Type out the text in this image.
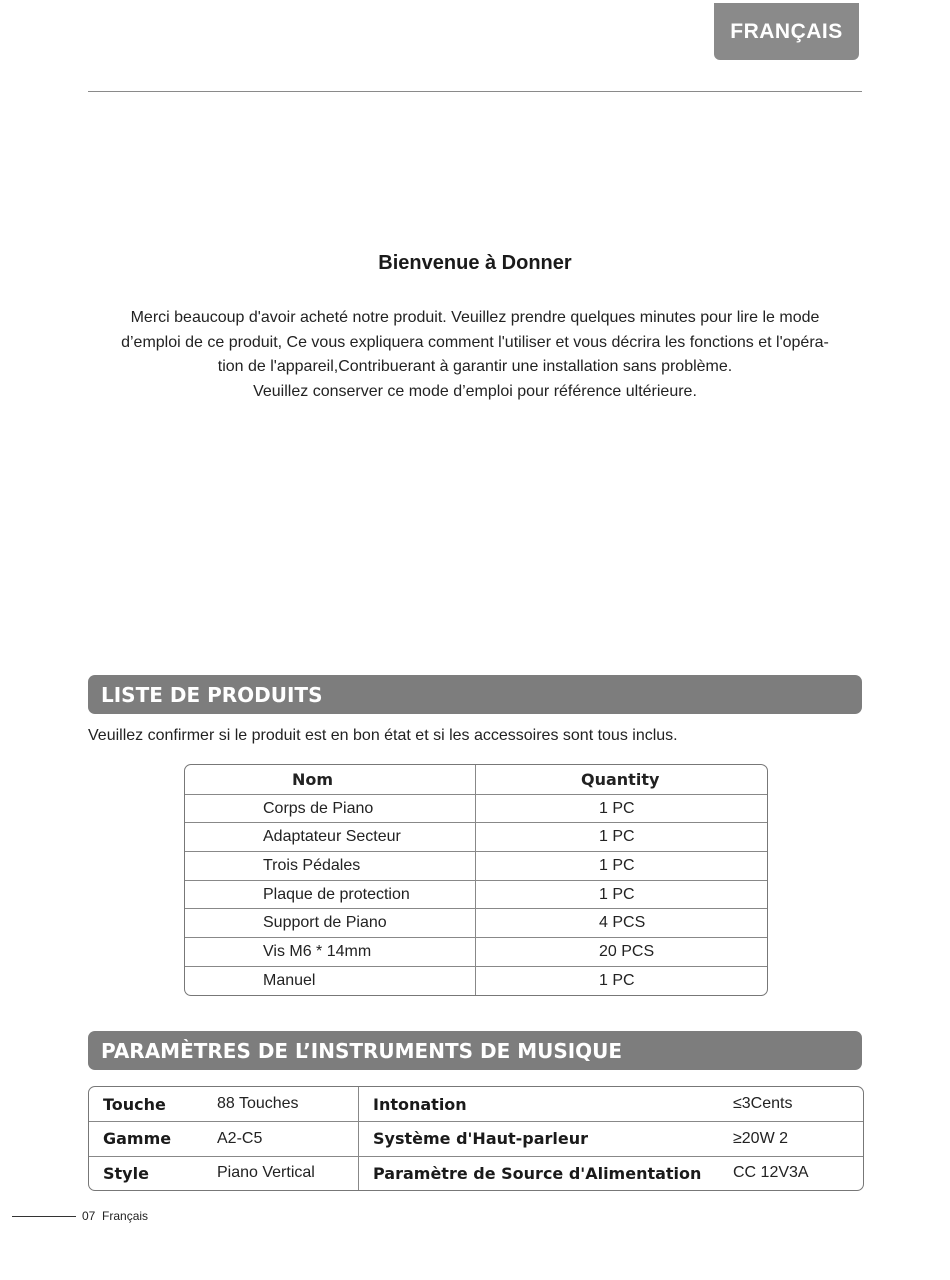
FRANÇAIS
Bienvenue à Donner

Merci beaucoup d'avoir acheté notre produit. Veuillez prendre quelques minutes pour lire le mode

d’emploi de ce produit, Ce vous expliquera comment l'utiliser et vous décrira les fonctions et l'opéra-

tion de l'appareil,Contribuerant à garantir une installation sans problème.

Veuillez conserver ce mode d’emploi pour référence ultérieure.

LISTE DE PRODUITS
Veuillez confirmer si le produit est en bon état et si les accessoires sont tous inclus.
Nom	Quantity
Corps de Piano	1 PC
Adaptateur Secteur	1 PC
Trois Pédales	1 PC
Plaque de protection	1 PC
Support de Piano	4 PCS
Vis M6 * 14mm	20 PCS
Manuel	1 PC
PARAMÈTRES DE L’INSTRUMENTS DE MUSIQUE
Touche	88 Touches	Intonation	≤3Cents
Gamme	A2-C5	Système d'Haut-parleur	≥20W 2
Style	Piano Vertical	Paramètre de Source d'Alimentation	CC 12V3A
07 Français
